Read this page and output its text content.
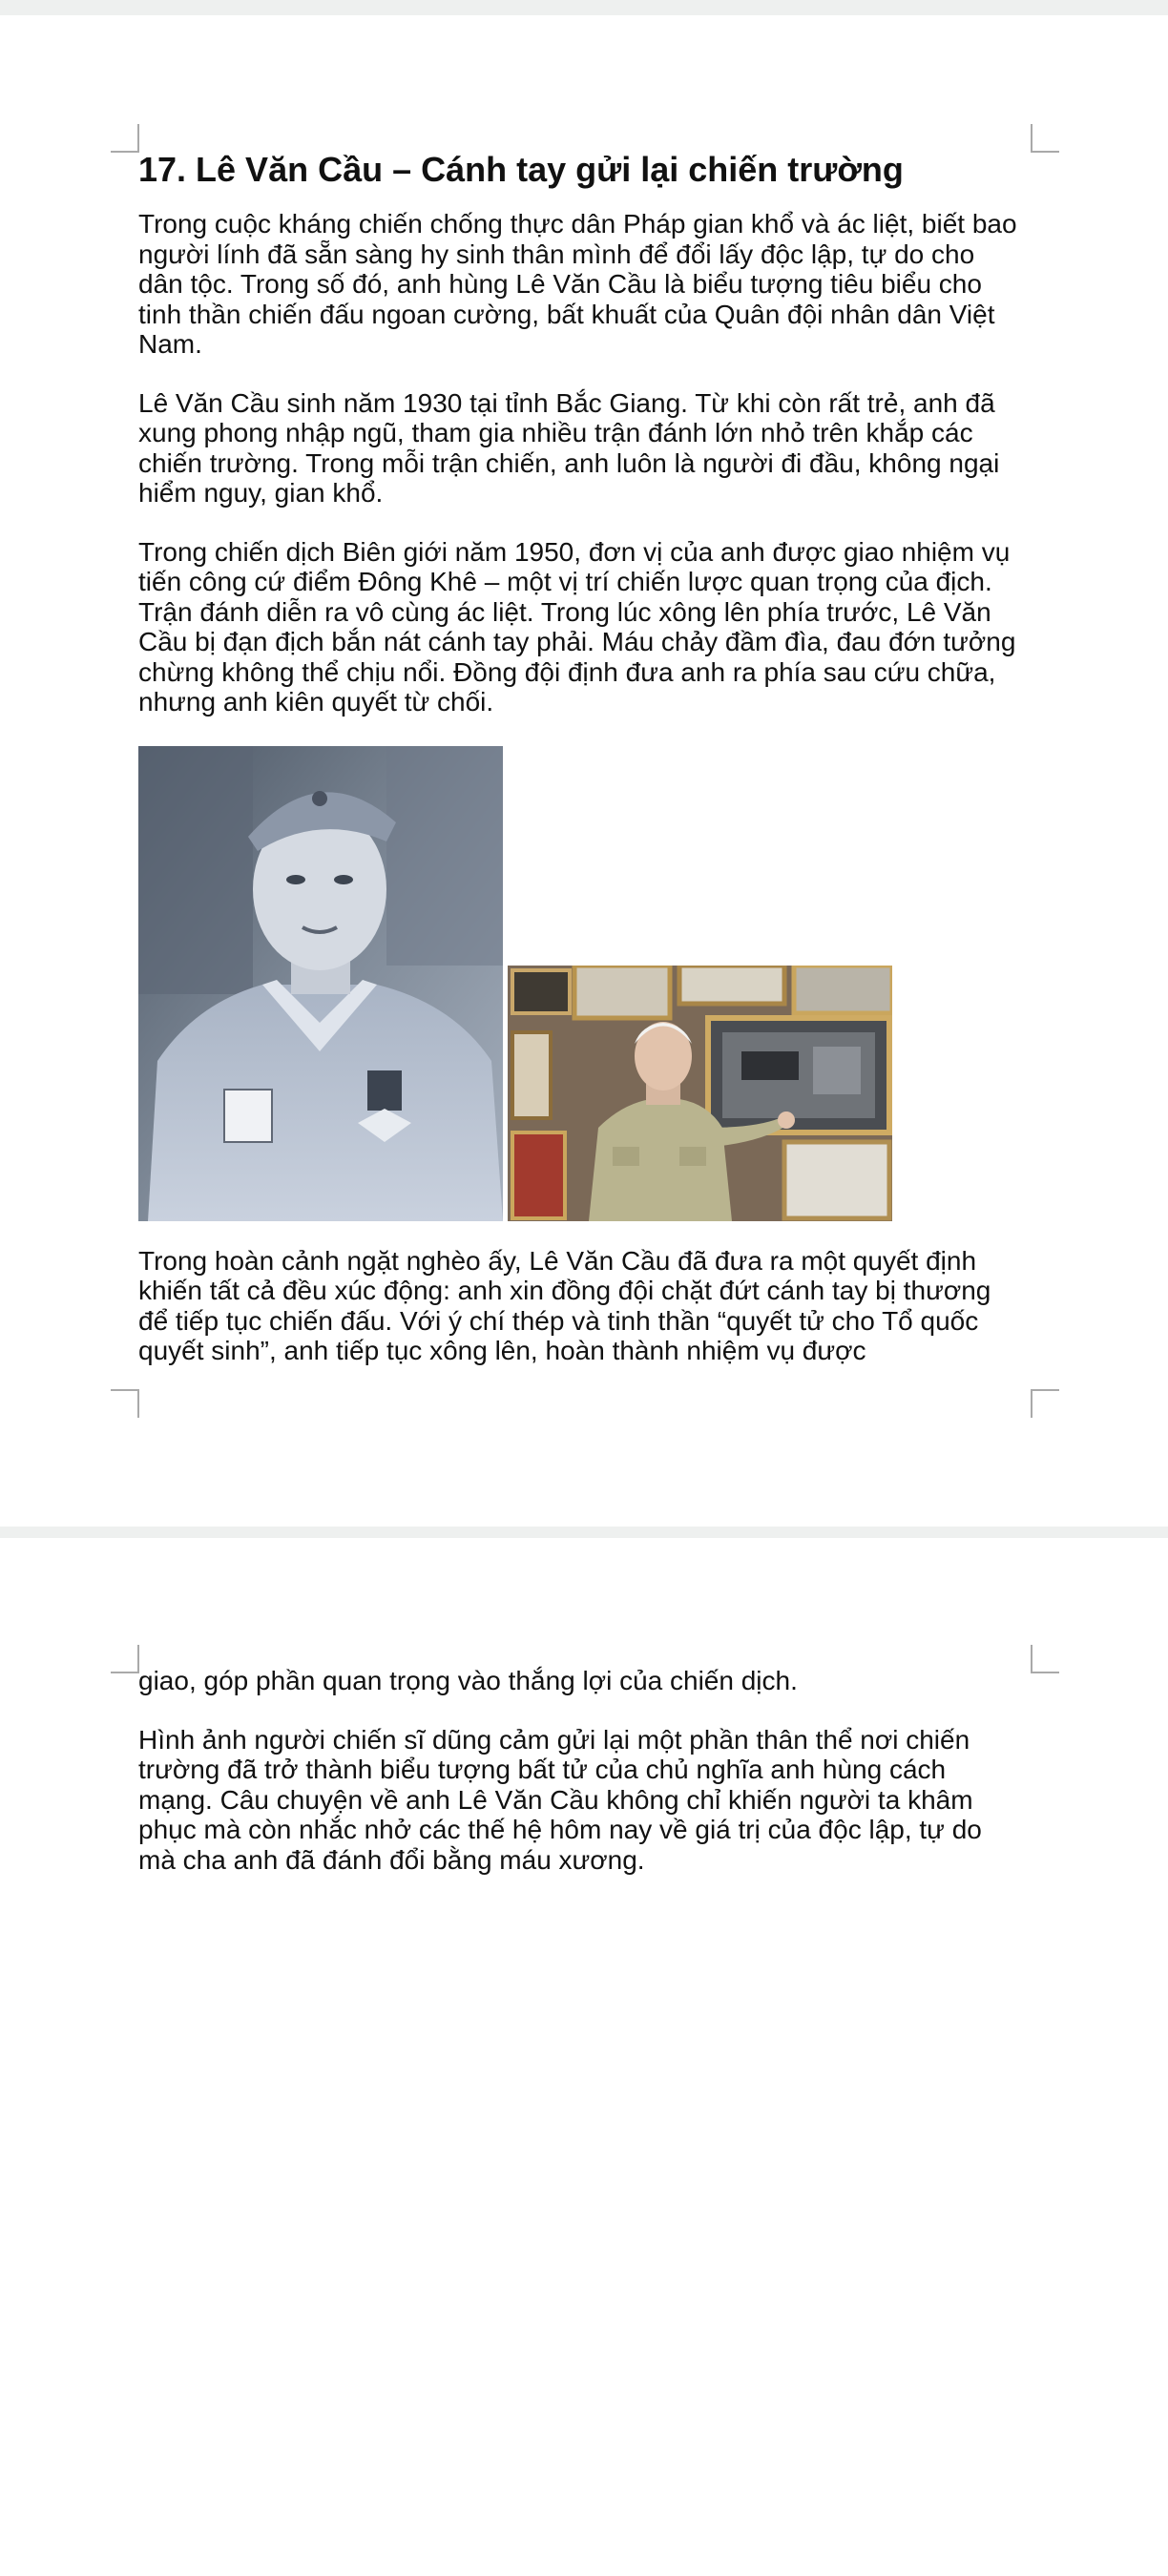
17. Lê Văn Cầu – Cánh tay gửi lại chiến trường

Trong cuộc kháng chiến chống thực dân Pháp gian khổ và ác liệt, biết bao người lính đã sẵn sàng hy sinh thân mình để đổi lấy độc lập, tự do cho dân tộc. Trong số đó, anh hùng Lê Văn Cầu là biểu tượng tiêu biểu cho tinh thần chiến đấu ngoan cường, bất khuất của Quân đội nhân dân Việt Nam.

Lê Văn Cầu sinh năm 1930 tại tỉnh Bắc Giang. Từ khi còn rất trẻ, anh đã xung phong nhập ngũ, tham gia nhiều trận đánh lớn nhỏ trên khắp các chiến trường. Trong mỗi trận chiến, anh luôn là người đi đầu, không ngại hiểm nguy, gian khổ.

Trong chiến dịch Biên giới năm 1950, đơn vị của anh được giao nhiệm vụ tiến công cứ điểm Đông Khê – một vị trí chiến lược quan trọng của địch. Trận đánh diễn ra vô cùng ác liệt. Trong lúc xông lên phía trước, Lê Văn Cầu bị đạn địch bắn nát cánh tay phải. Máu chảy đầm đìa, đau đớn tưởng chừng không thể chịu nổi. Đồng đội định đưa anh ra phía sau cứu chữa, nhưng anh kiên quyết từ chối.

Trong hoàn cảnh ngặt nghèo ấy, Lê Văn Cầu đã đưa ra một quyết định khiến tất cả đều xúc động: anh xin đồng đội chặt đứt cánh tay bị thương để tiếp tục chiến đấu. Với ý chí thép và tinh thần “quyết tử cho Tổ quốc quyết sinh”, anh tiếp tục xông lên, hoàn thành nhiệm vụ được

giao, góp phần quan trọng vào thắng lợi của chiến dịch.

Hình ảnh người chiến sĩ dũng cảm gửi lại một phần thân thể nơi chiến trường đã trở thành biểu tượng bất tử của chủ nghĩa anh hùng cách mạng. Câu chuyện về anh Lê Văn Cầu không chỉ khiến người ta khâm phục mà còn nhắc nhở các thế hệ hôm nay về giá trị của độc lập, tự do mà cha anh đã đánh đổi bằng máu xương.
